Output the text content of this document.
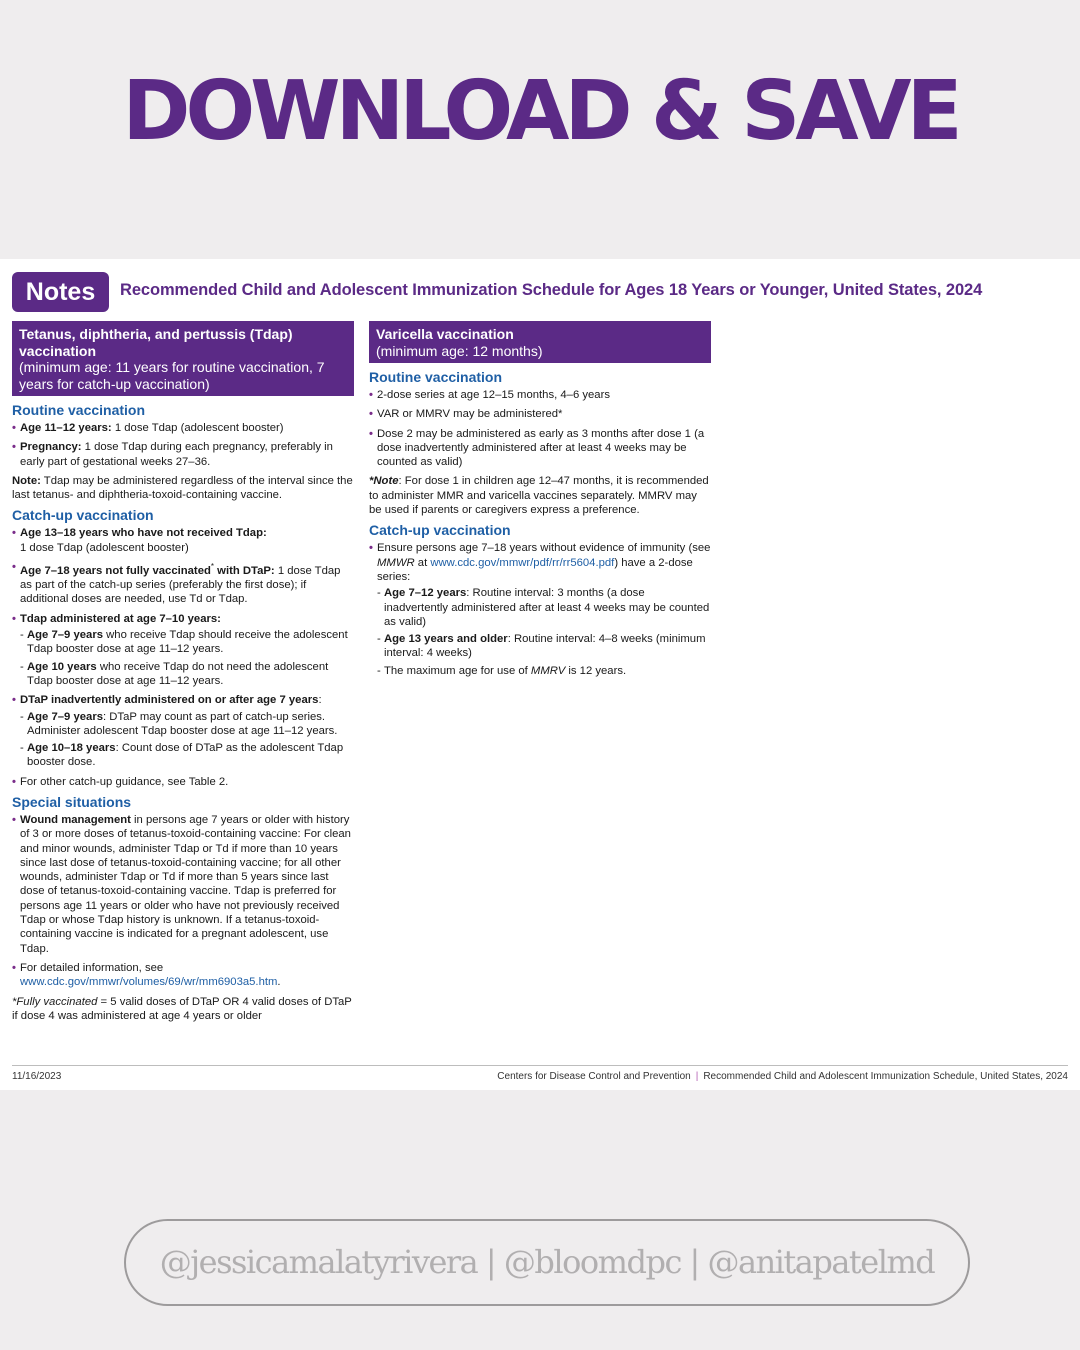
DOWNLOAD & SAVE
Notes	Recommended Child and Adolescent Immunization Schedule for Ages 18 Years or Younger, United States, 2024
Tetanus, diphtheria, and pertussis (Tdap) vaccination
(minimum age: 11 years for routine vaccination, 7 years for catch-up vaccination)
Routine vaccination
• Age 11–12 years: 1 dose Tdap (adolescent booster)
• Pregnancy: 1 dose Tdap during each pregnancy, preferably in early part of gestational weeks 27–36.
Note: Tdap may be administered regardless of the interval since the last tetanus- and diphtheria-toxoid-containing vaccine.
Catch-up vaccination
• Age 13–18 years who have not received Tdap:
1 dose Tdap (adolescent booster)
• Age 7–18 years not fully vaccinated* with DTaP: 1 dose Tdap as part of the catch-up series (preferably the first dose); if additional doses are needed, use Td or Tdap.
• Tdap administered at age 7–10 years:
- Age 7–9 years who receive Tdap should receive the adolescent Tdap booster dose at age 11–12 years.
- Age 10 years who receive Tdap do not need the adolescent Tdap booster dose at age 11–12 years.
• DTaP inadvertently administered on or after age 7 years:
- Age 7–9 years: DTaP may count as part of catch-up series. Administer adolescent Tdap booster dose at age 11–12 years.
- Age 10–18 years: Count dose of DTaP as the adolescent Tdap booster dose.
• For other catch-up guidance, see Table 2.
Special situations
• Wound management in persons age 7 years or older with history of 3 or more doses of tetanus-toxoid-containing vaccine: For clean and minor wounds, administer Tdap or Td if more than 10 years since last dose of tetanus-toxoid-containing vaccine; for all other wounds, administer Tdap or Td if more than 5 years since last dose of tetanus-toxoid-containing vaccine. Tdap is preferred for persons age 11 years or older who have not previously received Tdap or whose Tdap history is unknown. If a tetanus-toxoid-containing vaccine is indicated for a pregnant adolescent, use Tdap.
• For detailed information, see www.cdc.gov/mmwr/volumes/69/wr/mm6903a5.htm.
*Fully vaccinated = 5 valid doses of DTaP OR 4 valid doses of DTaP if dose 4 was administered at age 4 years or older
Varicella vaccination
(minimum age: 12 months)
Routine vaccination
• 2-dose series at age 12–15 months, 4–6 years
• VAR or MMRV may be administered*
• Dose 2 may be administered as early as 3 months after dose 1 (a dose inadvertently administered after at least 4 weeks may be counted as valid)
*Note: For dose 1 in children age 12–47 months, it is recommended to administer MMR and varicella vaccines separately. MMRV may be used if parents or caregivers express a preference.
Catch-up vaccination
• Ensure persons age 7–18 years without evidence of immunity (see MMWR at www.cdc.gov/mmwr/pdf/rr/rr5604.pdf) have a 2-dose series:
- Age 7–12 years: Routine interval: 3 months (a dose inadvertently administered after at least 4 weeks may be counted as valid)
- Age 13 years and older: Routine interval: 4–8 weeks (minimum interval: 4 weeks)
- The maximum age for use of MMRV is 12 years.
11/16/2023	Centers for Disease Control and Prevention | Recommended Child and Adolescent Immunization Schedule, United States, 2024
@jessicamalatyrivera | @bloomdpc | @anitapatelmd
